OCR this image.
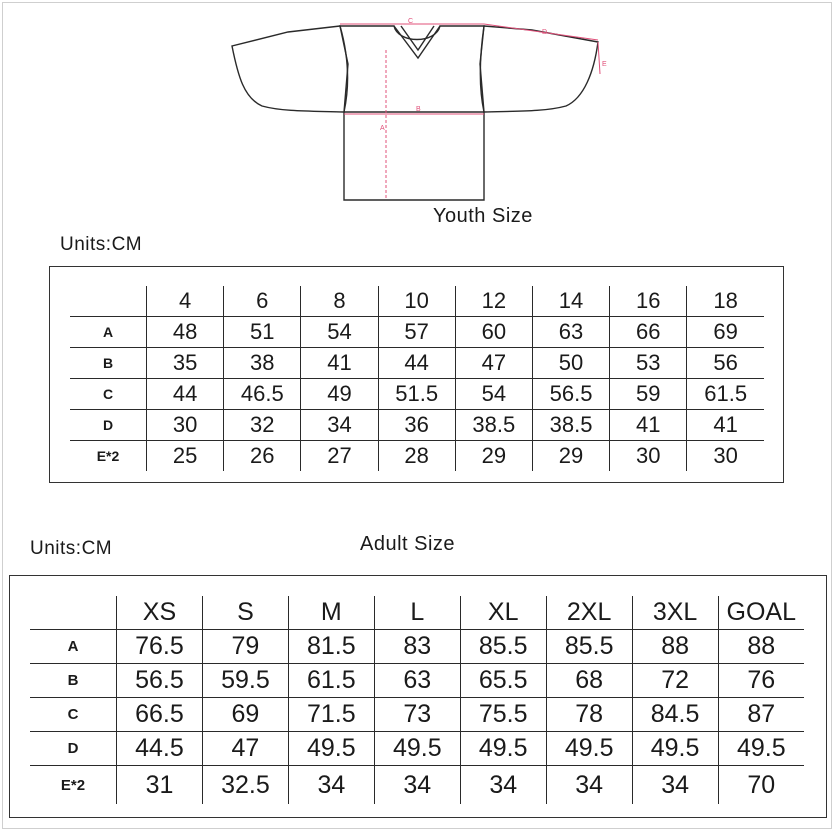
C
D
E
B
A
Youth Size
Units:CM
	4	6	8	10	12	14	16	18
A	48	51	54	57	60	63	66	69
B	35	38	41	44	47	50	53	56
C	44	46.5	49	51.5	54	56.5	59	61.5
D	30	32	34	36	38.5	38.5	41	41
E*2	25	26	27	28	29	29	30	30
Adult Size
Units:CM
	XS	S	M	L	XL	2XL	3XL	GOAL
A	76.5	79	81.5	83	85.5	85.5	88	88
B	56.5	59.5	61.5	63	65.5	68	72	76
C	66.5	69	71.5	73	75.5	78	84.5	87
D	44.5	47	49.5	49.5	49.5	49.5	49.5	49.5
E*2	31	32.5	34	34	34	34	34	70
